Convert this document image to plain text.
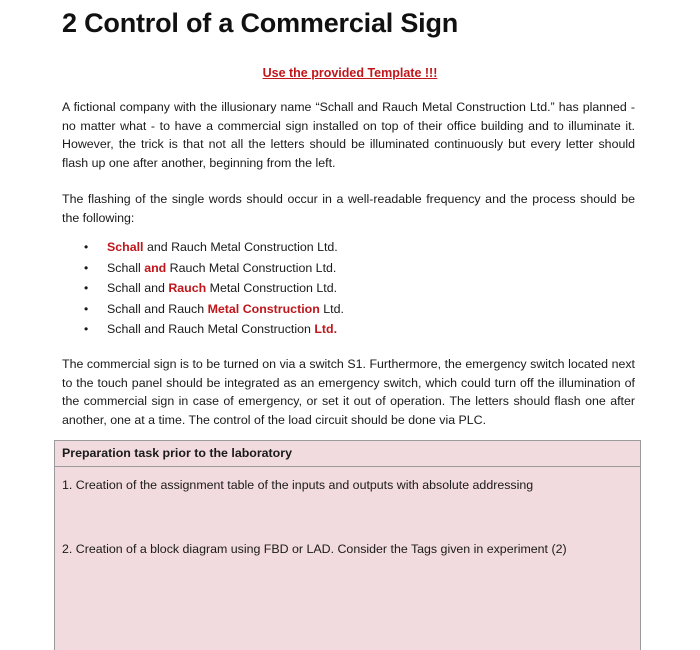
2 Control of a Commercial Sign
Use the provided Template !!!

A fictional company with the illusionary name “Schall and Rauch Metal Construction Ltd.” has planned - no matter what - to have a commercial sign installed on top of their office building and to illuminate it. However, the trick is that not all the letters should be illuminated continuously but every letter should flash up one after another, beginning from the left.

The flashing of the single words should occur in a well-readable frequency and the process should be the following:

• Schall and Rauch Metal Construction Ltd.
• Schall and Rauch Metal Construction Ltd.
• Schall and Rauch Metal Construction Ltd.
• Schall and Rauch Metal Construction Ltd.
• Schall and Rauch Metal Construction Ltd.

The commercial sign is to be turned on via a switch S1. Furthermore, the emergency switch located next to the touch panel should be integrated as an emergency switch, which could turn off the illumination of the commercial sign in case of emergency, or set it out of operation. The letters should flash one after another, one at a time. The control of the load circuit should be done via PLC.

Preparation task prior to the laboratory
1. Creation of the assignment table of the inputs and outputs with absolute addressing
2. Creation of a block diagram using FBD or LAD. Consider the Tags given in experiment (2)
